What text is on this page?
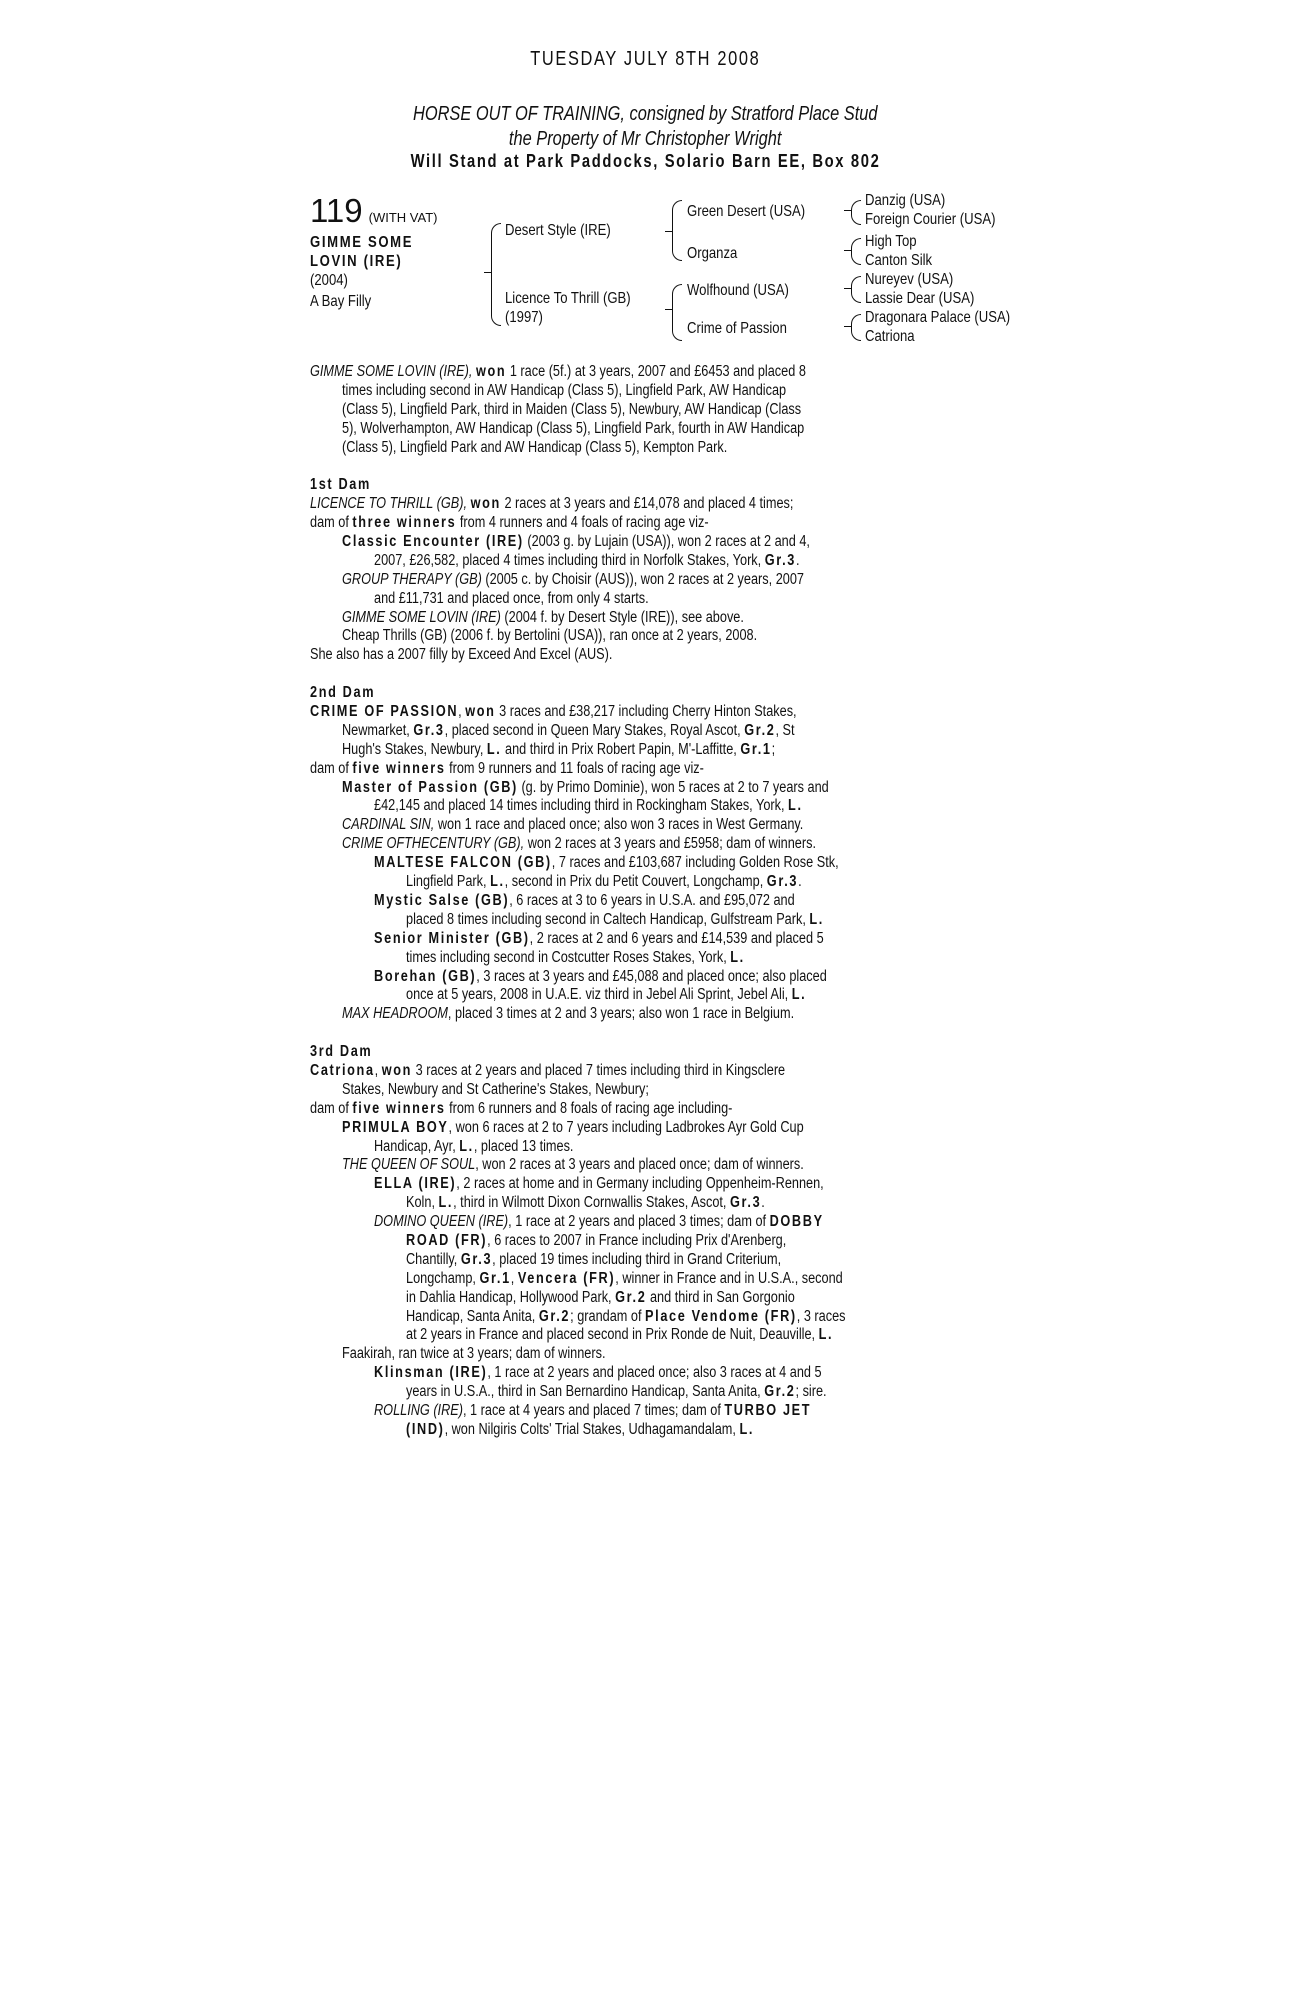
TUESDAY JULY 8TH 2008
HORSE OUT OF TRAINING, consigned by Stratford Place Stud
the Property of Mr Christopher Wright
Will Stand at Park Paddocks, Solario Barn EE, Box 802
119 (WITH VAT)
GIMME SOME
LOVIN (IRE)
(2004)
A Bay Filly
Desert Style (IRE)
Licence To Thrill (GB)
(1997)
Green Desert (USA)
Organza
Wolfhound (USA)
Crime of Passion
Danzig (USA)
Foreign Courier (USA)
High Top
Canton Silk
Nureyev (USA)
Lassie Dear (USA)
Dragonara Palace (USA)
Catriona
GIMME SOME LOVIN (IRE), won 1 race (5f.) at 3 years, 2007 and £6453 and placed 8
times including second in AW Handicap (Class 5), Lingfield Park, AW Handicap
(Class 5), Lingfield Park, third in Maiden (Class 5), Newbury, AW Handicap (Class
5), Wolverhampton, AW Handicap (Class 5), Lingfield Park, fourth in AW Handicap
(Class 5), Lingfield Park and AW Handicap (Class 5), Kempton Park.
1st Dam
LICENCE TO THRILL (GB), won 2 races at 3 years and £14,078 and placed 4 times;
dam of three winners from 4 runners and 4 foals of racing age viz-
Classic Encounter (IRE) (2003 g. by Lujain (USA)), won 2 races at 2 and 4,
2007, £26,582, placed 4 times including third in Norfolk Stakes, York, Gr.3.
GROUP THERAPY (GB) (2005 c. by Choisir (AUS)), won 2 races at 2 years, 2007
and £11,731 and placed once, from only 4 starts.
GIMME SOME LOVIN (IRE) (2004 f. by Desert Style (IRE)), see above.
Cheap Thrills (GB) (2006 f. by Bertolini (USA)), ran once at 2 years, 2008.
She also has a 2007 filly by Exceed And Excel (AUS).
2nd Dam
CRIME OF PASSION, won 3 races and £38,217 including Cherry Hinton Stakes,
Newmarket, Gr.3, placed second in Queen Mary Stakes, Royal Ascot, Gr.2, St
Hugh's Stakes, Newbury, L. and third in Prix Robert Papin, M'-Laffitte, Gr.1;
dam of five winners from 9 runners and 11 foals of racing age viz-
Master of Passion (GB) (g. by Primo Dominie), won 5 races at 2 to 7 years and
£42,145 and placed 14 times including third in Rockingham Stakes, York, L.
CARDINAL SIN, won 1 race and placed once; also won 3 races in West Germany.
CRIME OFTHECENTURY (GB), won 2 races at 3 years and £5958; dam of winners.
MALTESE FALCON (GB), 7 races and £103,687 including Golden Rose Stk,
Lingfield Park, L., second in Prix du Petit Couvert, Longchamp, Gr.3.
Mystic Salse (GB), 6 races at 3 to 6 years in U.S.A. and £95,072 and
placed 8 times including second in Caltech Handicap, Gulfstream Park, L.
Senior Minister (GB), 2 races at 2 and 6 years and £14,539 and placed 5
times including second in Costcutter Roses Stakes, York, L.
Borehan (GB), 3 races at 3 years and £45,088 and placed once; also placed
once at 5 years, 2008 in U.A.E. viz third in Jebel Ali Sprint, Jebel Ali, L.
MAX HEADROOM, placed 3 times at 2 and 3 years; also won 1 race in Belgium.
3rd Dam
Catriona, won 3 races at 2 years and placed 7 times including third in Kingsclere
Stakes, Newbury and St Catherine's Stakes, Newbury;
dam of five winners from 6 runners and 8 foals of racing age including-
PRIMULA BOY, won 6 races at 2 to 7 years including Ladbrokes Ayr Gold Cup
Handicap, Ayr, L., placed 13 times.
THE QUEEN OF SOUL, won 2 races at 3 years and placed once; dam of winners.
ELLA (IRE), 2 races at home and in Germany including Oppenheim-Rennen,
Koln, L., third in Wilmott Dixon Cornwallis Stakes, Ascot, Gr.3.
DOMINO QUEEN (IRE), 1 race at 2 years and placed 3 times; dam of DOBBY
ROAD (FR), 6 races to 2007 in France including Prix d'Arenberg,
Chantilly, Gr.3, placed 19 times including third in Grand Criterium,
Longchamp, Gr.1, Vencera (FR), winner in France and in U.S.A., second
in Dahlia Handicap, Hollywood Park, Gr.2 and third in San Gorgonio
Handicap, Santa Anita, Gr.2; grandam of Place Vendome (FR), 3 races
at 2 years in France and placed second in Prix Ronde de Nuit, Deauville, L.
Faakirah, ran twice at 3 years; dam of winners.
Klinsman (IRE), 1 race at 2 years and placed once; also 3 races at 4 and 5
years in U.S.A., third in San Bernardino Handicap, Santa Anita, Gr.2; sire.
ROLLING (IRE), 1 race at 4 years and placed 7 times; dam of TURBO JET
(IND), won Nilgiris Colts' Trial Stakes, Udhagamandalam, L.
